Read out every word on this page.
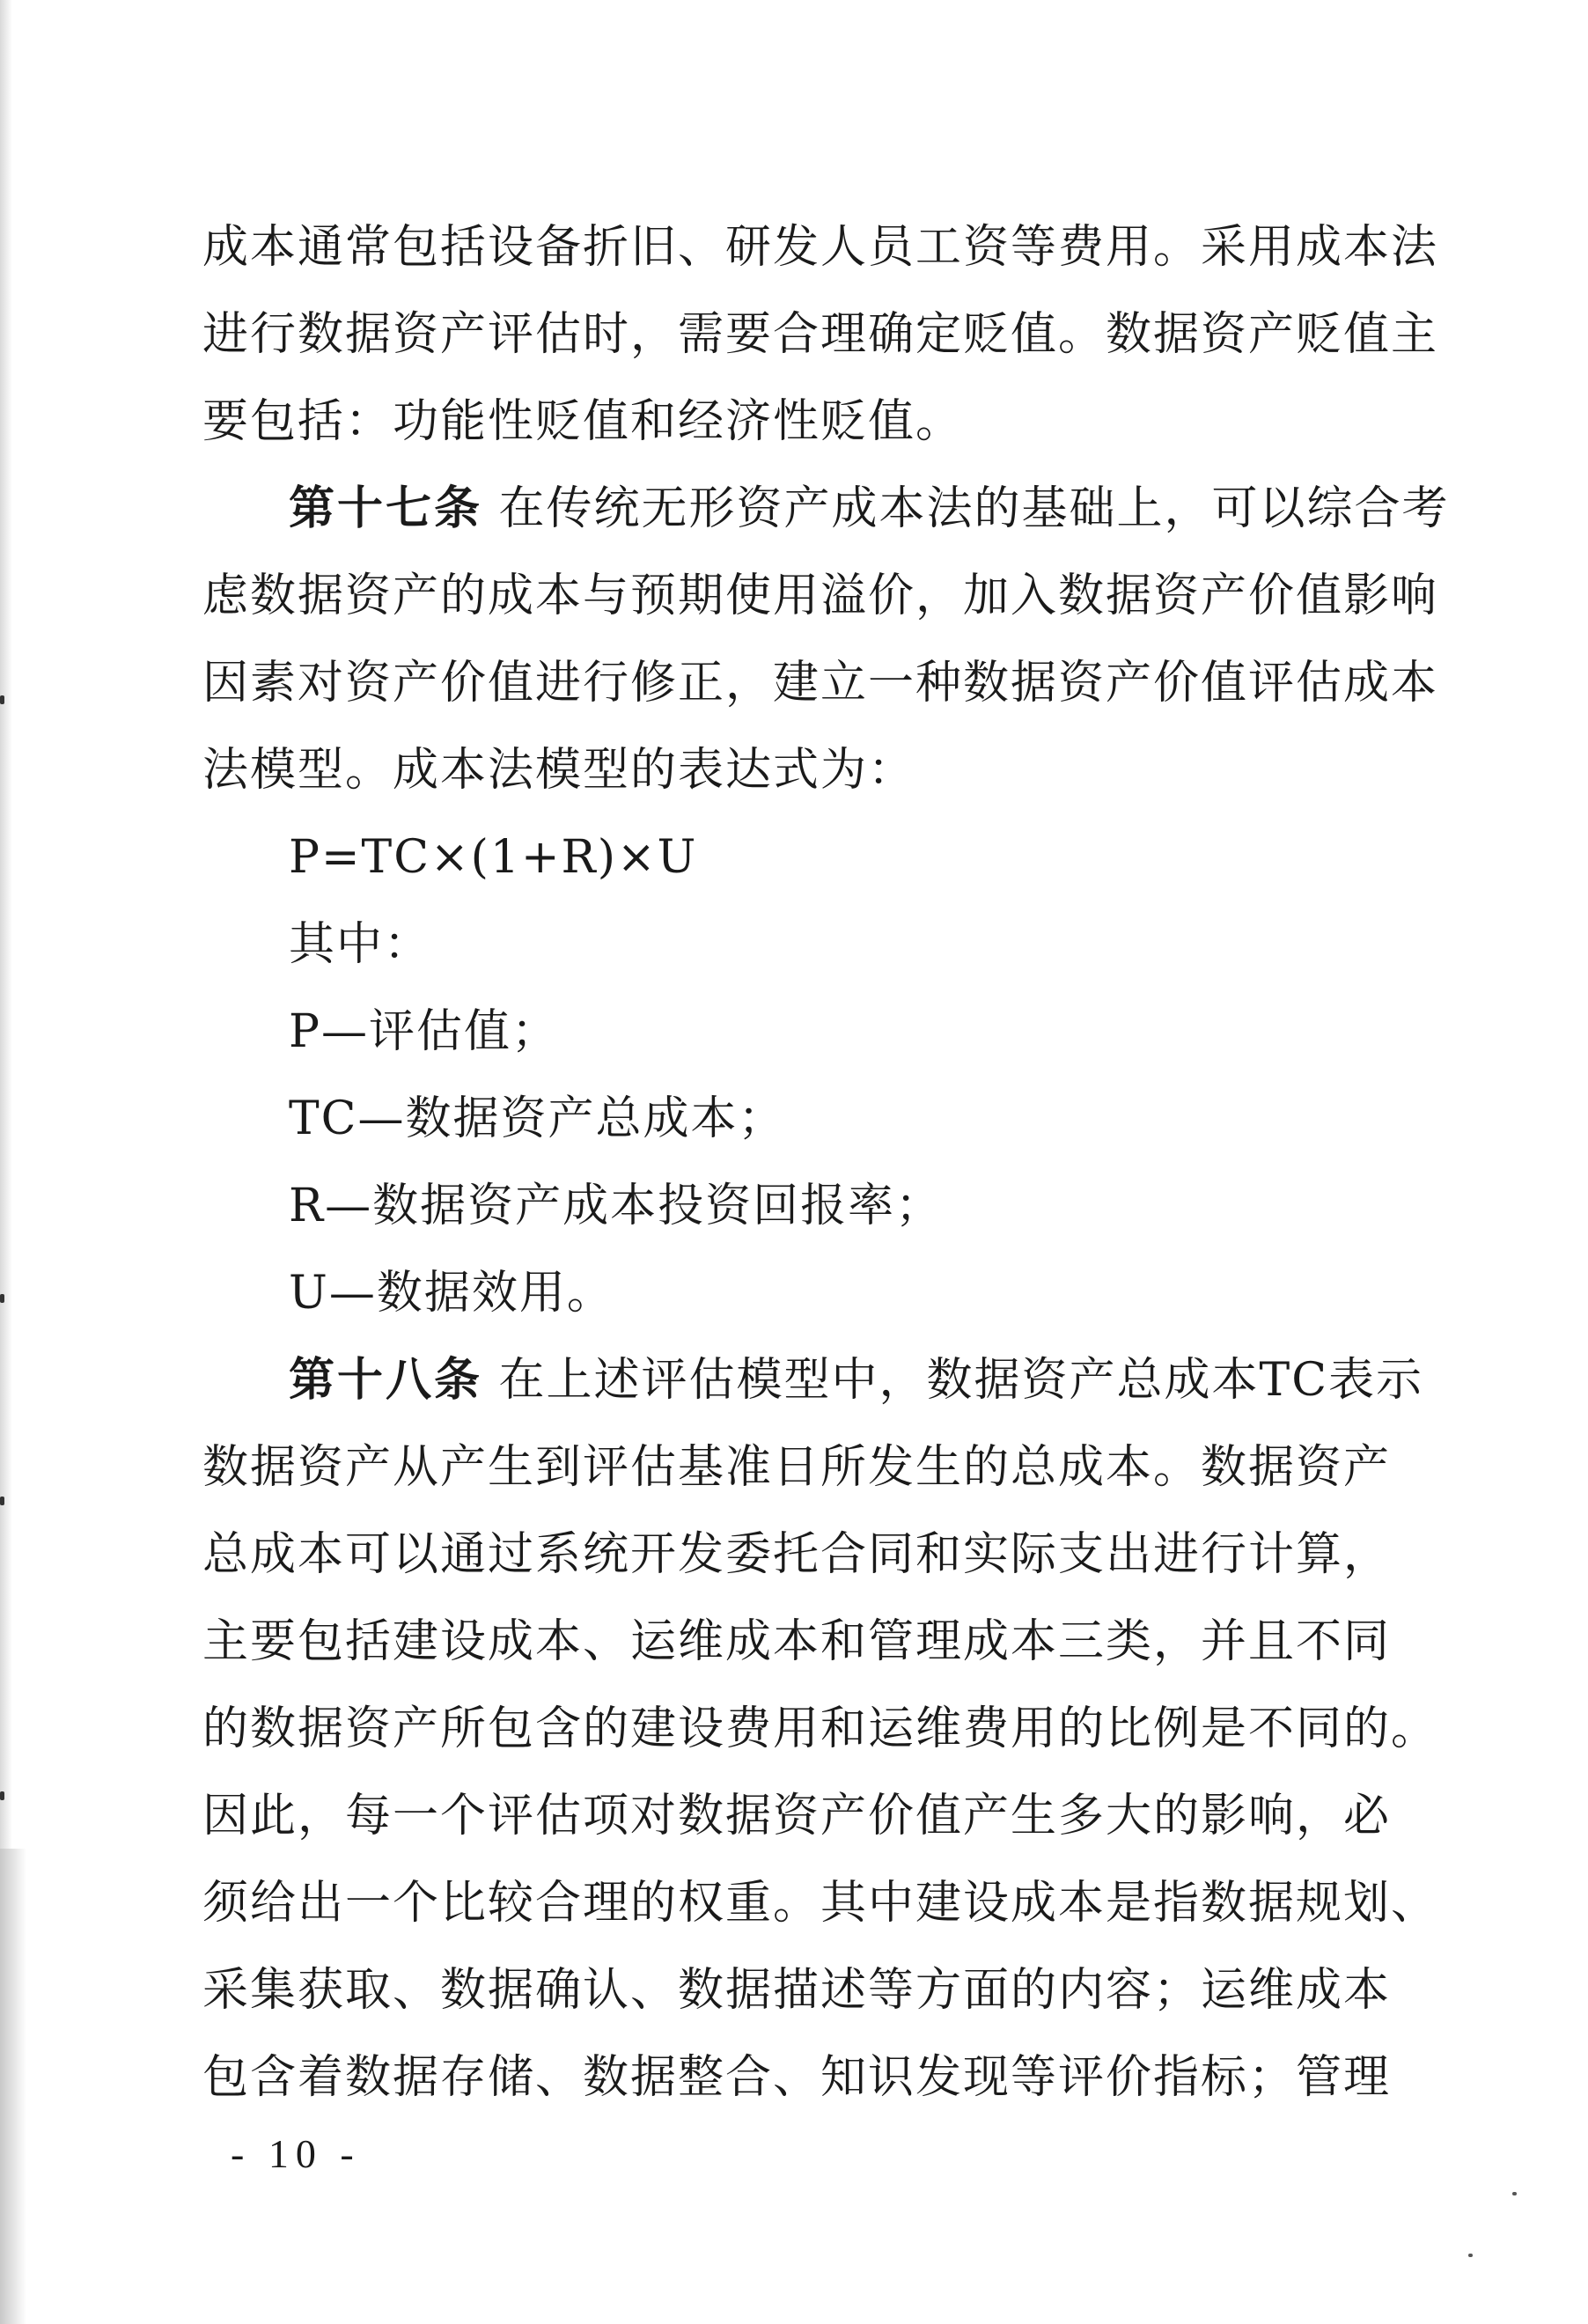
成本通常包括设备折旧、研发人员工资等费用。采用成本法
进行数据资产评估时，需要合理确定贬值。数据资产贬值主
要包括：功能性贬值和经济性贬值。
第十七条 在传统无形资产成本法的基础上，可以综合考
虑数据资产的成本与预期使用溢价，加入数据资产价值影响
因素对资产价值进行修正，建立一种数据资产价值评估成本
法模型。成本法模型的表达式为：
P=TC×(1+R)×U
其中：
P—评估值；
TC—数据资产总成本；
R—数据资产成本投资回报率；
U—数据效用。
第十八条 在上述评估模型中，数据资产总成本TC表示
数据资产从产生到评估基准日所发生的总成本。数据资产
总成本可以通过系统开发委托合同和实际支出进行计算，
主要包括建设成本、运维成本和管理成本三类，并且不同
的数据资产所包含的建设费用和运维费用的比例是不同的。
因此，每一个评估项对数据资产价值产生多大的影响，必
须给出一个比较合理的权重。其中建设成本是指数据规划、
采集获取、数据确认、数据描述等方面的内容；运维成本
包含着数据存储、数据整合、知识发现等评价指标；管理
- 10 -
